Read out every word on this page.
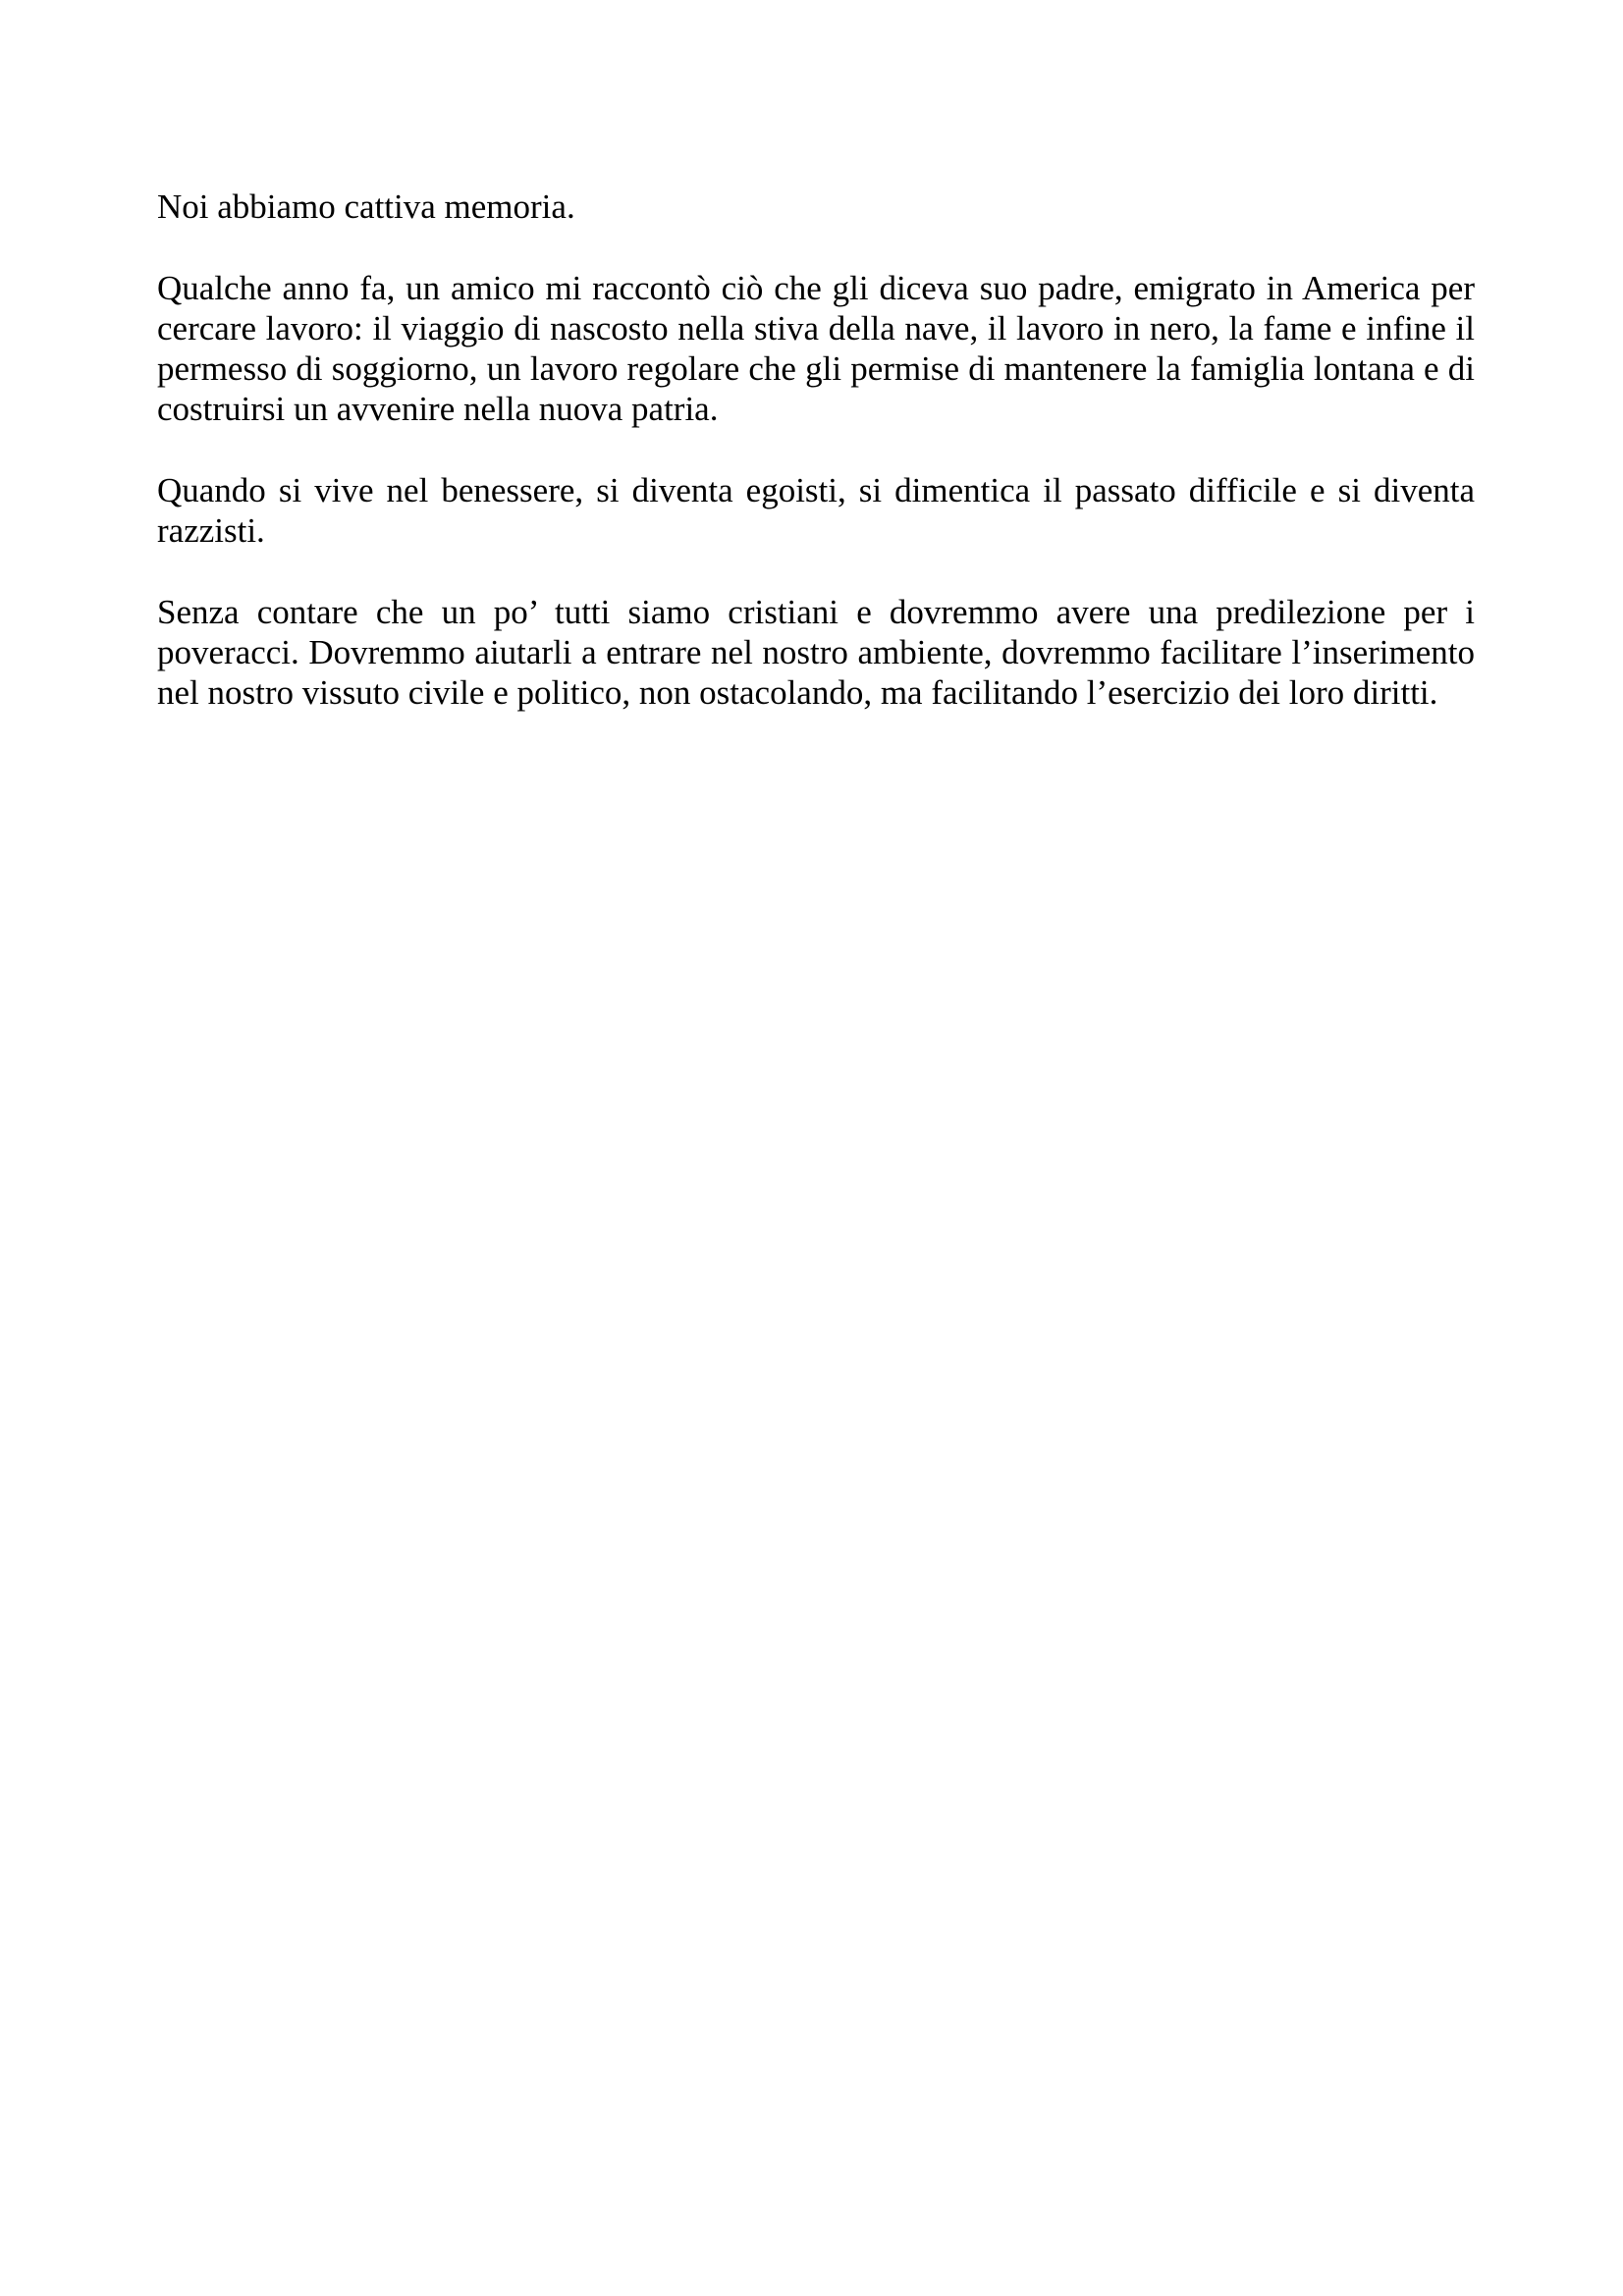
Noi abbiamo cattiva memoria.

Qualche anno fa, un amico mi raccontò ciò che gli diceva suo padre, emigrato in America per cercare lavoro: il viaggio di nascosto nella stiva della nave, il lavoro in nero, la fame e infine il permesso di soggiorno, un lavoro regolare che gli permise di mantenere la famiglia lontana e di costruirsi un avvenire nella nuova patria.

Quando si vive nel benessere, si diventa egoisti, si dimentica il passato difficile e si diventa razzisti.

Senza contare che un po’ tutti siamo cristiani e dovremmo avere una predilezione per i poveracci. Dovremmo aiutarli a entrare nel nostro ambiente, dovremmo facilitare l’inserimento nel nostro vissuto civile e politico, non ostacolando, ma facilitando l’esercizio dei loro diritti.
